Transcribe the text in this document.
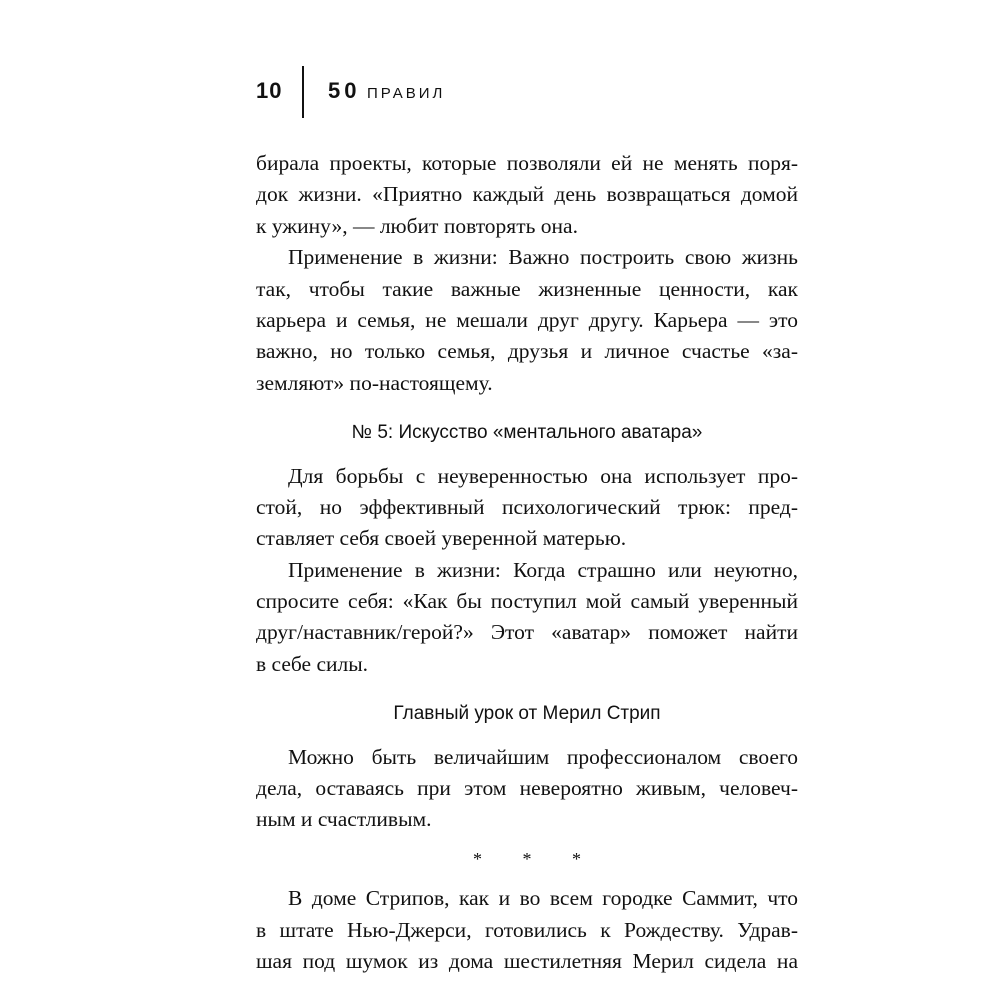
10 50 ПРАВИЛ
бирала проекты, которые позволяли ей не менять поря-
док жизни. «Приятно каждый день возвращаться домой
к ужину», — любит повторять она.
Применение в жизни: Важно построить свою жизнь
так, чтобы такие важные жизненные ценности, как
карьера и семья, не мешали друг другу. Карьера — это
важно, но только семья, друзья и личное счастье «за-
земляют» по-настоящему.
№ 5: Искусство «ментального аватара»
Для борьбы с неуверенностью она использует про-
стой, но эффективный психологический трюк: пред-
ставляет себя своей уверенной матерью.
Применение в жизни: Когда страшно или неуютно,
спросите себя: «Как бы поступил мой самый уверенный
друг/наставник/герой?» Этот «аватар» поможет найти
в себе силы.
Главный урок от Мерил Стрип
Можно быть величайшим профессионалом своего
дела, оставаясь при этом невероятно живым, человеч-
ным и счастливым.
* * *
В доме Стрипов, как и во всем городке Саммит, что
в штате Нью-Джерси, готовились к Рождеству. Удрав-
шая под шумок из дома шестилетняя Мерил сидела на
